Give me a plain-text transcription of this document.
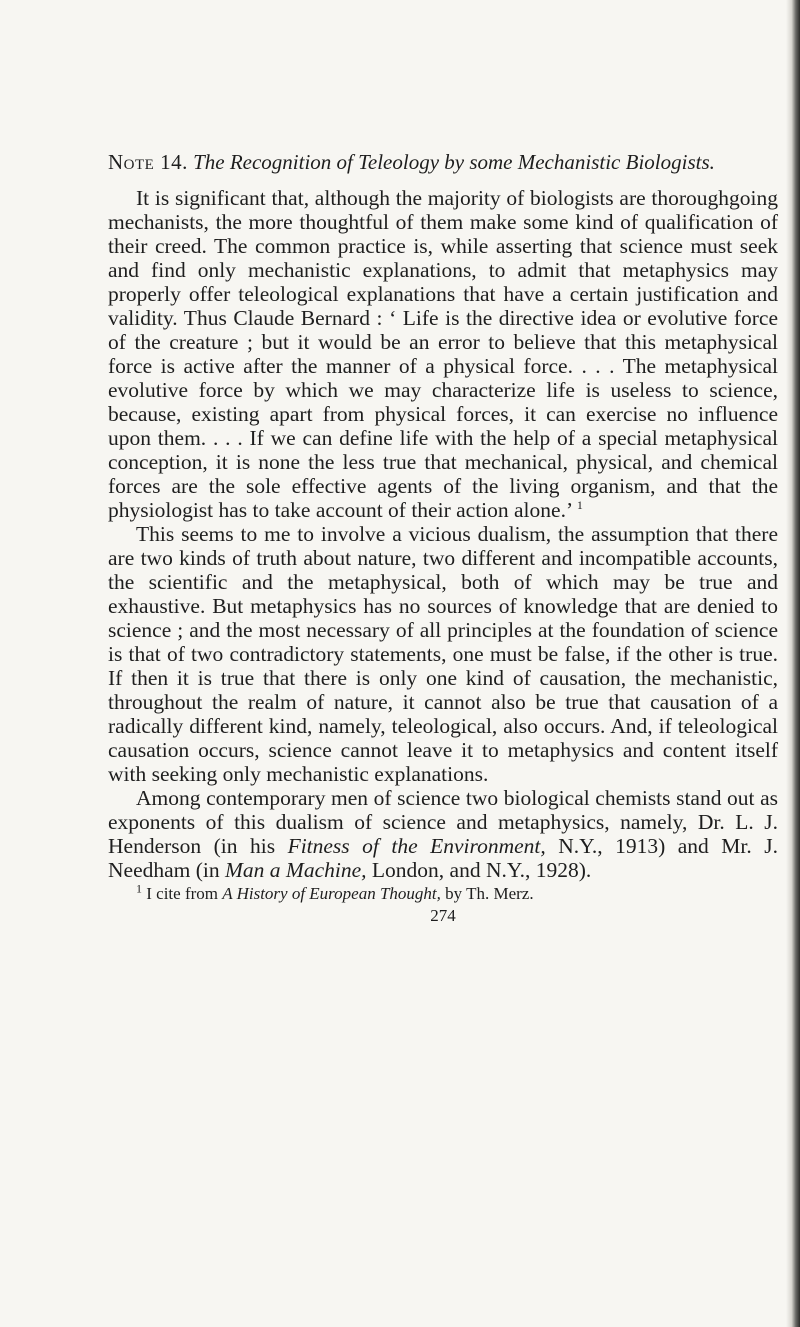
Note 14. The Recognition of Teleology by some Mechanistic Biologists.

It is significant that, although the majority of biologists are thoroughgoing mechanists, the more thoughtful of them make some kind of qualification of their creed. The common practice is, while asserting that science must seek and find only mechanistic explanations, to admit that metaphysics may properly offer teleological explanations that have a certain justification and validity. Thus Claude Bernard : ‘ Life is the directive idea or evolutive force of the creature ; but it would be an error to believe that this metaphysical force is active after the manner of a physical force. . . . The metaphysical evolutive force by which we may characterize life is useless to science, because, existing apart from physical forces, it can exercise no influence upon them. . . . If we can define life with the help of a special metaphysical conception, it is none the less true that mechanical, physical, and chemical forces are the sole effective agents of the living organism, and that the physiologist has to take account of their action alone.’ $^1$

This seems to me to involve a vicious dualism, the assumption that there are two kinds of truth about nature, two different and incompatible accounts, the scientific and the metaphysical, both of which may be true and exhaustive. But metaphysics has no sources of knowledge that are denied to science ; and the most necessary of all principles at the foundation of science is that of two contradictory statements, one must be false, if the other is true. If then it is true that there is only one kind of causation, the mechanistic, throughout the realm of nature, it cannot also be true that causation of a radically different kind, namely, teleological, also occurs. And, if teleological causation occurs, science cannot leave it to metaphysics and content itself with seeking only mechanistic explanations.

Among contemporary men of science two biological chemists stand out as exponents of this dualism of science and metaphysics, namely, Dr. L. J. Henderson (in his Fitness of the Environment, N.Y., 1913) and Mr. J. Needham (in Man a Machine, London, and N.Y., 1928).

$^1$ I cite from A History of European Thought, by Th. Merz.

274
